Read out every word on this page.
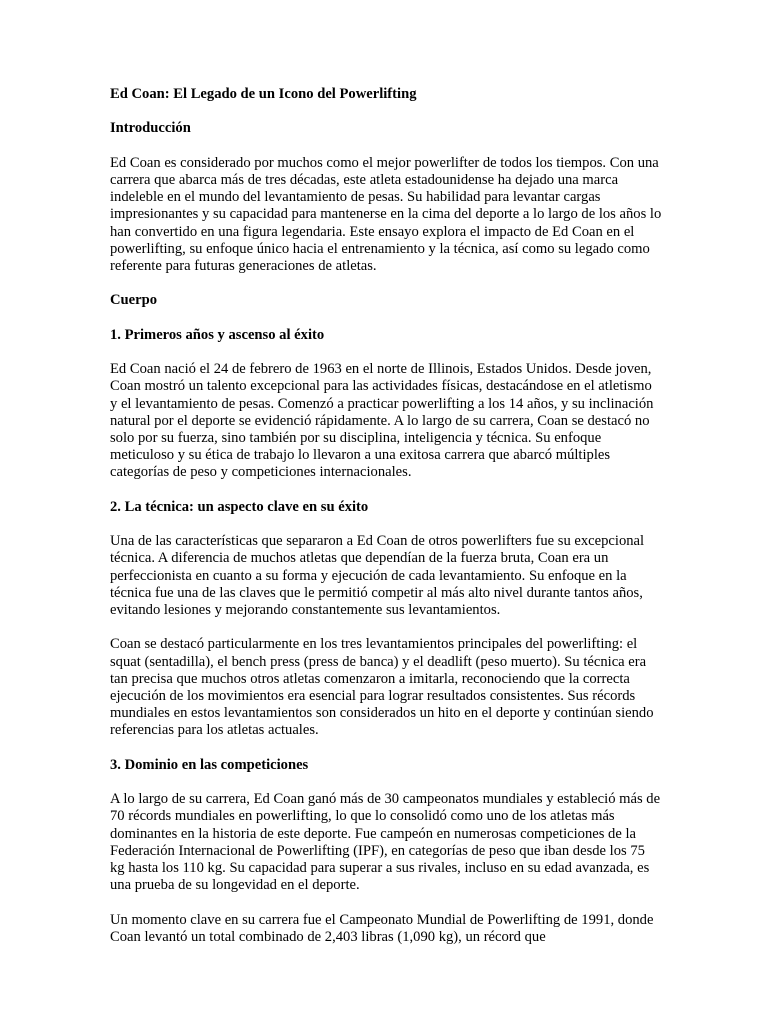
Ed Coan: El Legado de un Icono del Powerlifting

Introducción

Ed Coan es considerado por muchos como el mejor powerlifter de todos los tiempos. Con una carrera que abarca más de tres décadas, este atleta estadounidense ha dejado una marca indeleble en el mundo del levantamiento de pesas. Su habilidad para levantar cargas impresionantes y su capacidad para mantenerse en la cima del deporte a lo largo de los años lo han convertido en una figura legendaria. Este ensayo explora el impacto de Ed Coan en el powerlifting, su enfoque único hacia el entrenamiento y la técnica, así como su legado como referente para futuras generaciones de atletas.

Cuerpo

1. Primeros años y ascenso al éxito

Ed Coan nació el 24 de febrero de 1963 en el norte de Illinois, Estados Unidos. Desde joven, Coan mostró un talento excepcional para las actividades físicas, destacándose en el atletismo y el levantamiento de pesas. Comenzó a practicar powerlifting a los 14 años, y su inclinación natural por el deporte se evidenció rápidamente. A lo largo de su carrera, Coan se destacó no solo por su fuerza, sino también por su disciplina, inteligencia y técnica. Su enfoque meticuloso y su ética de trabajo lo llevaron a una exitosa carrera que abarcó múltiples categorías de peso y competiciones internacionales.

2. La técnica: un aspecto clave en su éxito

Una de las características que separaron a Ed Coan de otros powerlifters fue su excepcional técnica. A diferencia de muchos atletas que dependían de la fuerza bruta, Coan era un perfeccionista en cuanto a su forma y ejecución de cada levantamiento. Su enfoque en la técnica fue una de las claves que le permitió competir al más alto nivel durante tantos años, evitando lesiones y mejorando constantemente sus levantamientos.

Coan se destacó particularmente en los tres levantamientos principales del powerlifting: el squat (sentadilla), el bench press (press de banca) y el deadlift (peso muerto). Su técnica era tan precisa que muchos otros atletas comenzaron a imitarla, reconociendo que la correcta ejecución de los movimientos era esencial para lograr resultados consistentes. Sus récords mundiales en estos levantamientos son considerados un hito en el deporte y continúan siendo referencias para los atletas actuales.

3. Dominio en las competiciones

A lo largo de su carrera, Ed Coan ganó más de 30 campeonatos mundiales y estableció más de 70 récords mundiales en powerlifting, lo que lo consolidó como uno de los atletas más dominantes en la historia de este deporte. Fue campeón en numerosas competiciones de la Federación Internacional de Powerlifting (IPF), en categorías de peso que iban desde los 75 kg hasta los 110 kg. Su capacidad para superar a sus rivales, incluso en su edad avanzada, es una prueba de su longevidad en el deporte.

Un momento clave en su carrera fue el Campeonato Mundial de Powerlifting de 1991, donde Coan levantó un total combinado de 2,403 libras (1,090 kg), un récord que
